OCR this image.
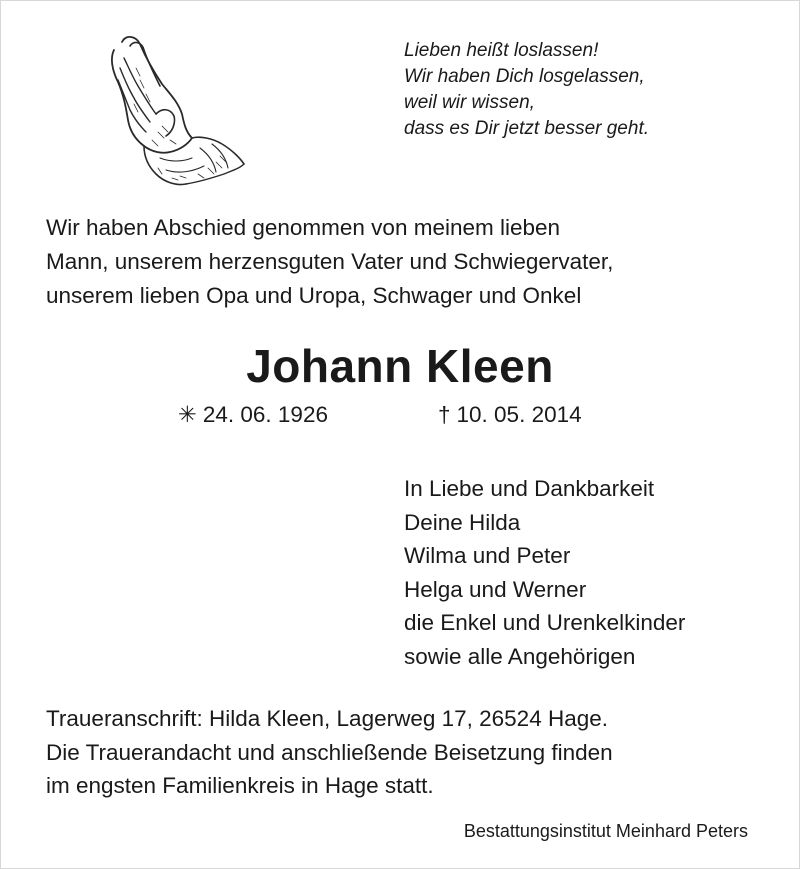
Lieben heißt loslassen!
Wir haben Dich losgelassen,
weil wir wissen,
dass es Dir jetzt besser geht.
Wir haben Abschied genommen von meinem lieben
Mann, unserem herzensguten Vater und Schwiegervater,
unserem lieben Opa und Uropa, Schwager und Onkel
Johann Kleen
✳ 24. 06. 1926	† 10. 05. 2014
In Liebe und Dankbarkeit
Deine Hilda
Wilma und Peter
Helga und Werner
die Enkel und Urenkelkinder
sowie alle Angehörigen
Traueranschrift: Hilda Kleen, Lagerweg 17, 26524 Hage.
Die Trauerandacht und anschließende Beisetzung finden
im engsten Familienkreis in Hage statt.
Bestattungsinstitut Meinhard Peters
